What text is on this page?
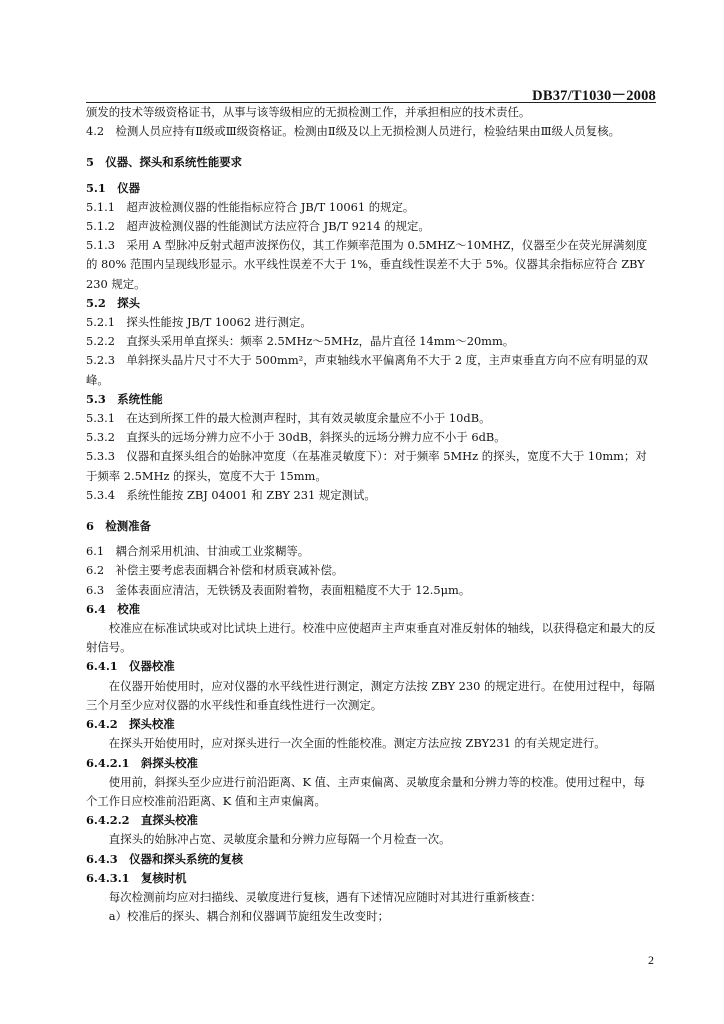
DB37/T1030－2008

颁发的技术等级资格证书，从事与该等级相应的无损检测工作，并承担相应的技术责任。

4.2　检测人员应持有Ⅱ级或Ⅲ级资格证。检测由Ⅱ级及以上无损检测人员进行，检验结果由Ⅲ级人员复核。

5　仪器、探头和系统性能要求

5.1　仪器

5.1.1　超声波检测仪器的性能指标应符合 JB/T 10061 的规定。

5.1.2　超声波检测仪器的性能测试方法应符合 JB/T 9214 的规定。

5.1.3　采用 A 型脉冲反射式超声波探伤仪，其工作频率范围为 0.5MHZ～10MHZ，仪器至少在荧光屏满刻度的 80% 范围内呈现线形显示。水平线性误差不大于 1%，垂直线性误差不大于 5%。仪器其余指标应符合 ZBY 230 规定。

5.2　探头

5.2.1　探头性能按 JB/T 10062 进行测定。

5.2.2　直探头采用单直探头：频率 2.5MHz～5MHz，晶片直径 14mm～20mm。

5.2.3　单斜探头晶片尺寸不大于 500mm²，声束轴线水平偏离角不大于 2 度，主声束垂直方向不应有明显的双峰。

5.3　系统性能

5.3.1　在达到所探工件的最大检测声程时，其有效灵敏度余量应不小于 10dB。

5.3.2　直探头的远场分辨力应不小于 30dB，斜探头的远场分辨力应不小于 6dB。

5.3.3　仪器和直探头组合的始脉冲宽度（在基准灵敏度下）：对于频率 5MHz 的探头，宽度不大于 10mm；对于频率 2.5MHz 的探头，宽度不大于 15mm。

5.3.4　系统性能按 ZBJ 04001 和 ZBY 231 规定测试。

6　检测准备

6.1　耦合剂采用机油、甘油或工业浆糊等。

6.2　补偿主要考虑表面耦合补偿和材质衰减补偿。

6.3　釜体表面应清洁，无铁锈及表面附着物，表面粗糙度不大于 12.5μm。

6.4　校准

校准应在标准试块或对比试块上进行。校准中应使超声主声束垂直对准反射体的轴线，以获得稳定和最大的反射信号。

6.4.1　仪器校准

在仪器开始使用时，应对仪器的水平线性进行测定，测定方法按 ZBY 230 的规定进行。在使用过程中，每隔三个月至少应对仪器的水平线性和垂直线性进行一次测定。

6.4.2　探头校准

在探头开始使用时，应对探头进行一次全面的性能校准。测定方法应按 ZBY231 的有关规定进行。

6.4.2.1　斜探头校准

使用前，斜探头至少应进行前沿距离、K 值、主声束偏离、灵敏度余量和分辨力等的校准。使用过程中，每个工作日应校准前沿距离、K 值和主声束偏离。

6.4.2.2　直探头校准

直探头的始脉冲占宽、灵敏度余量和分辨力应每隔一个月检查一次。

6.4.3　仪器和探头系统的复核

6.4.3.1　复核时机

每次检测前均应对扫描线、灵敏度进行复核，遇有下述情况应随时对其进行重新核查：

a）校准后的探头、耦合剂和仪器调节旋纽发生改变时；

2
